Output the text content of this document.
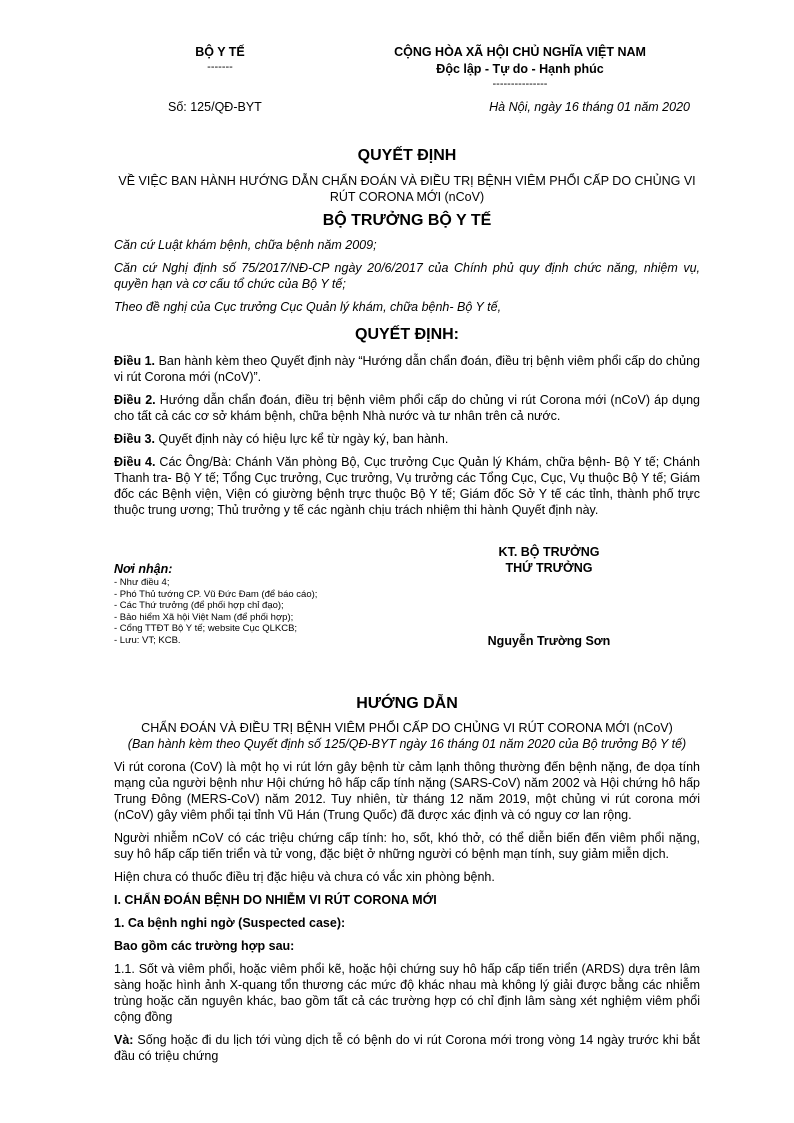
BỘ Y TẾ
-------
CỘNG HÒA XÃ HỘI CHỦ NGHĨA VIỆT NAM
Độc lập - Tự do - Hạnh phúc
---------------
Số: 125/QĐ-BYT	Hà Nội, ngày 16 tháng 01 năm 2020
QUYẾT ĐỊNH
VỀ VIỆC BAN HÀNH HƯỚNG DẪN CHẨN ĐOÁN VÀ ĐIỀU TRỊ BỆNH VIÊM PHỔI CẤP DO CHỦNG VI RÚT CORONA MỚI (nCoV)
BỘ TRƯỞNG BỘ Y TẾ

Căn cứ Luật khám bệnh, chữa bệnh năm 2009;

Căn cứ Nghị định số 75/2017/NĐ-CP ngày 20/6/2017 của Chính phủ quy định chức năng, nhiệm vụ, quyền hạn và cơ cấu tổ chức của Bộ Y tế;

Theo đề nghị của Cục trưởng Cục Quản lý khám, chữa bệnh- Bộ Y tế,

QUYẾT ĐỊNH:

Điều 1. Ban hành kèm theo Quyết định này “Hướng dẫn chẩn đoán, điều trị bệnh viêm phổi cấp do chủng vi rút Corona mới (nCoV)”.

Điều 2. Hướng dẫn chẩn đoán, điều trị bệnh viêm phổi cấp do chủng vi rút Corona mới (nCoV) áp dụng cho tất cả các cơ sở khám bệnh, chữa bệnh Nhà nước và tư nhân trên cả nước.

Điều 3. Quyết định này có hiệu lực kể từ ngày ký, ban hành.

Điều 4. Các Ông/Bà: Chánh Văn phòng Bộ, Cục trưởng Cục Quản lý Khám, chữa bệnh- Bộ Y tế; Chánh Thanh tra- Bộ Y tế; Tổng Cục trưởng, Cục trưởng, Vụ trưởng các Tổng Cục, Cục, Vụ thuộc Bộ Y tế; Giám đốc các Bệnh viện, Viện có giường bệnh trực thuộc Bộ Y tế; Giám đốc Sở Y tế các tỉnh, thành phố trực thuộc trung ương; Thủ trưởng y tế các ngành chịu trách nhiệm thi hành Quyết định này.

Nơi nhận:
- Như điều 4;
- Phó Thủ tướng CP. Vũ Đức Đam (để báo cáo);
- Các Thứ trưởng (để phối hợp chỉ đạo);
- Bảo hiểm Xã hội Việt Nam (để phối hợp);
- Cổng TTĐT Bộ Y tế; website Cục QLKCB;
- Lưu: VT; KCB.
KT. BỘ TRƯỞNG
THỨ TRƯỞNG
Nguyễn Trường Sơn
HƯỚNG DẪN
CHẨN ĐOÁN VÀ ĐIỀU TRỊ BỆNH VIÊM PHỔI CẤP DO CHỦNG VI RÚT CORONA MỚI (nCoV)
(Ban hành kèm theo Quyết định số 125/QĐ-BYT ngày 16 tháng 01 năm 2020 của Bộ trưởng Bộ Y tế)

Vi rút corona (CoV) là một họ vi rút lớn gây bệnh từ cảm lạnh thông thường đến bệnh nặng, đe dọa tính mạng của người bệnh như Hội chứng hô hấp cấp tính nặng (SARS-CoV) năm 2002 và Hội chứng hô hấp Trung Đông (MERS-CoV) năm 2012. Tuy nhiên, từ tháng 12 năm 2019, một chủng vi rút corona mới (nCoV) gây viêm phổi tại tỉnh Vũ Hán (Trung Quốc) đã được xác định và có nguy cơ lan rộng.

Người nhiễm nCoV có các triệu chứng cấp tính: ho, sốt, khó thở, có thể diễn biến đến viêm phổi nặng, suy hô hấp cấp tiến triển và tử vong, đặc biệt ở những người có bệnh mạn tính, suy giảm miễn dịch.

Hiện chưa có thuốc điều trị đặc hiệu và chưa có vắc xin phòng bệnh.

I. CHẨN ĐOÁN BỆNH DO NHIỄM VI RÚT CORONA MỚI
1. Ca bệnh nghi ngờ (Suspected case):
Bao gồm các trường hợp sau:

1.1. Sốt và viêm phổi, hoặc viêm phổi kẽ, hoặc hội chứng suy hô hấp cấp tiến triển (ARDS) dựa trên lâm sàng hoặc hình ảnh X-quang tổn thương các mức độ khác nhau mà không lý giải được bằng các nhiễm trùng hoặc căn nguyên khác, bao gồm tất cả các trường hợp có chỉ định lâm sàng xét nghiệm viêm phổi cộng đồng

Và: Sống hoặc đi du lịch tới vùng dịch tễ có bệnh do vi rút Corona mới trong vòng 14 ngày trước khi bắt đầu có triệu chứng
